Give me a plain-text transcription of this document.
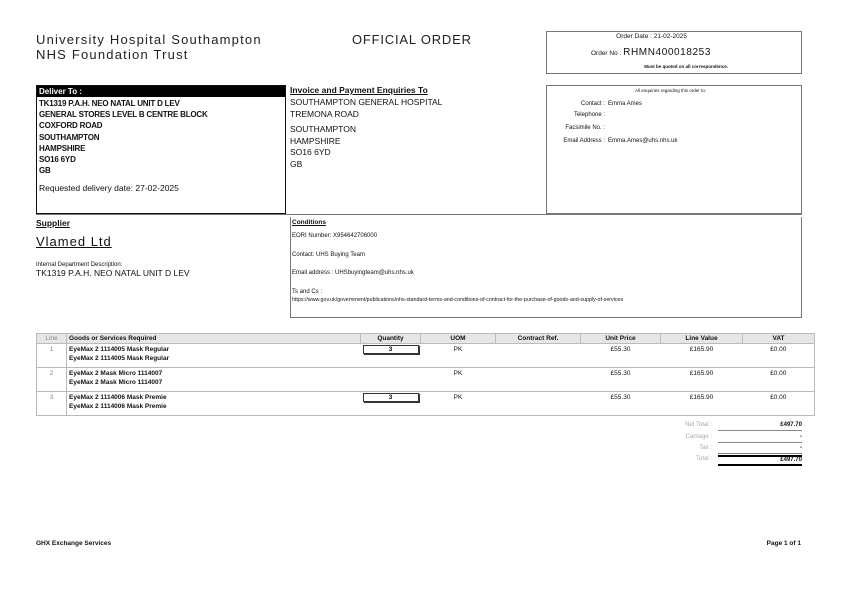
University Hospital Southampton
NHS Foundation Trust
OFFICIAL ORDER	Order Date : 21-02-2025
Order No : RHMN400018253
Must be quoted on all correspondence.
Deliver To :
TK1319 P.A.H. NEO NATAL UNIT D LEV
GENERAL STORES LEVEL B CENTRE BLOCK
COXFORD ROAD
SOUTHAMPTON
HAMPSHIRE
SO16 6YD
GB
Requested delivery date: 27-02-2025
Invoice and Payment Enquiries To
SOUTHAMPTON GENERAL HOSPITAL
TREMONA ROAD
SOUTHAMPTON
HAMPSHIRE
SO16 6YD
GB
All enquiries regarding this order to:
Contact : Emma Ames
Telephone :
Facsimile No. :
Email Address : Emma.Ames@uhs.nhs.uk
Supplier
Vlamed Ltd
Internal Department Description:
TK1319 P.A.H. NEO NATAL UNIT D LEV
Conditions
EORI Number: X954642706000
Contact: UHS Buying Team
Email address : UHSbuyingteam@uhs.nhs.uk
Ts and Cs :
https://www.gov.uk/government/publications/nhs-standard-terms-and-conditions-of-contract-for-the-purchase-of-goods-and-supply-of-services
Line	Goods or Services Required	Quantity	UOM	Contract Ref.	Unit Price	Line Value	VAT
1	EyeMax 2 1114005 Mask Regular
EyeMax 2 1114005 Mask Regular	3	PK		£55.30	£165.90	£0.00
2	EyeMax 2 Mask Micro 1114007
EyeMax 2 Mask Micro 1114007		PK		£55.30	£165.90	£0.00
3	EyeMax 2 1114006 Mask Premie
EyeMax 2 1114006 Mask Premie	3	PK		£55.30	£165.90	£0.00
Net Total :	£497.70
Carriage :	-
Tax :	-
Total :	£497.70
GHX Exchange Services	Page 1 of 1
